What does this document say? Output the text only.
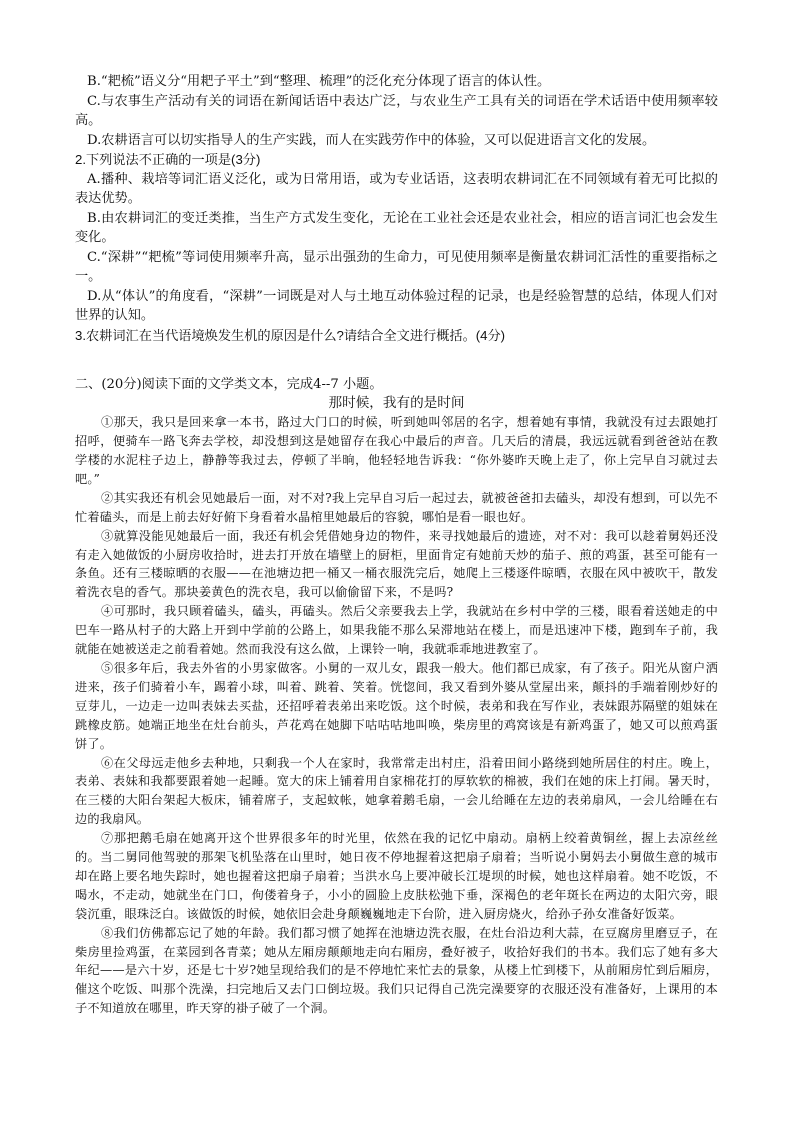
B.“耙梳”语义分“用耙子平土”到“整理、梳理”的泛化充分体现了语言的体认性。

C.与农事生产活动有关的词语在新闻话语中表达广泛，与农业生产工具有关的词语在学术话语中使用频率较高。

D.农耕语言可以切实指导人的生产实践，而人在实践劳作中的体验，又可以促进语言文化的发展。

2.下列说法不正确的一项是(3分)

A.播种、栽培等词汇语义泛化，或为日常用语，或为专业话语，这表明农耕词汇在不同领域有着无可比拟的表达优势。

B.由农耕词汇的变迁类推，当生产方式发生变化，无论在工业社会还是农业社会，相应的语言词汇也会发生变化。

C.“深耕”“耙梳”等词使用频率升高，显示出强劲的生命力，可见使用频率是衡量农耕词汇活性的重要指标之一。

D.从“体认”的角度看，“深耕”一词既是对人与土地互动体验过程的记录，也是经验智慧的总结，体现人们对世界的认知。

3.农耕词汇在当代语境焕发生机的原因是什么?请结合全文进行概括。(4分)

二、(20分)阅读下面的文学类文本，完成4--7 小题。

那时候，我有的是时间

①那天，我只是回来拿一本书，路过大门口的时候，听到她叫邻居的名字，想着她有事情，我就没有过去跟她打招呼，便骑车一路飞奔去学校，却没想到这是她留存在我心中最后的声音。几天后的清晨，我远远就看到爸爸站在教学楼的水泥柱子边上，静静等我过去，停顿了半晌，他轻轻地告诉我：“你外婆昨天晚上走了，你上完早自习就过去吧。”

②其实我还有机会见她最后一面，对不对?我上完早自习后一起过去，就被爸爸扣去磕头，却没有想到，可以先不忙着磕头，而是上前去好好俯下身看着水晶棺里她最后的容貌，哪怕是看一眼也好。

③就算没能见她最后一面，我还有机会凭借她身边的物件，来寻找她最后的遗迹，对不对：我可以趁着舅妈还没有走入她做饭的小厨房收拾时，进去打开放在墙壁上的厨柜，里面肯定有她前天炒的茄子、煎的鸡蛋，甚至可能有一条鱼。还有三楼晾晒的衣服——在池塘边把一桶又一桶衣服洗完后，她爬上三楼逐件晾晒，衣服在风中被吹干，散发着洗衣皂的香气。那块姜黄色的洗衣皂，我可以偷偷留下来，不是吗?

④可那时，我只顾着磕头，磕头，再磕头。然后父亲要我去上学，我就站在乡村中学的三楼，眼看着送她走的中巴车一路从村子的大路上开到中学前的公路上，如果我能不那么呆滞地站在楼上，而是迅速冲下楼，跑到车子前，我就能在她被送走之前看着她。然而我没有这么做，上课铃一响，我就乖乖地进教室了。

⑤很多年后，我去外省的小男家做客。小舅的一双儿女，跟我一般大。他们都已成家，有了孩子。阳光从窗户洒进来，孩子们骑着小车，踢着小球，叫着、跳着、笑着。恍惚间，我又看到外婆从堂屋出来，颠抖的手端着刚炒好的豆芽儿，一边走一边叫表妹去买盐，还招呼着表弟出来吃饭。这个时候，表弟和我在写作业，表妹跟苏隔壁的姐妹在跳橡皮筋。她端正地坐在灶台前头，芦花鸡在她脚下咕咕咕地叫唤，柴房里的鸡窝该是有新鸡蛋了，她又可以煎鸡蛋饼了。

⑥在父母远走他乡去种地，只剩我一个人在家时，我常常走出村庄，沿着田间小路绕到她所居住的村庄。晚上，表弟、表妹和我都要跟着她一起睡。宽大的床上铺着用自家棉花打的厚软软的棉被，我们在她的床上打闹。暑天时，在三楼的大阳台架起大板床，铺着席子，支起蚊帐，她拿着鹅毛扇，一会儿给睡在左边的表弟扇风，一会儿给睡在右边的我扇风。

⑦那把鹅毛扇在她离开这个世界很多年的时光里，依然在我的记忆中扇动。扇柄上绞着黄铜丝，握上去凉丝丝的。当二舅同他驾驶的那架飞机坠落在山里时，她日夜不停地握着这把扇子扇着；当听说小舅妈去小舅做生意的城市却在路上要名地失踪时，她也握着这把扇子扇着；当洪水乌上要冲破长江堤坝的时候，她也这样扇着。她不吃饭，不喝水，不走动，她就坐在门口，佝偻着身子，小小的圆脸上皮肤松弛下垂，深褐色的老年斑长在两边的太阳穴旁，眼袋沉重，眼珠泛白。该做饭的时候，她依旧会赴身颠巍巍地走下台阶，进入厨房烧火，给孙子孙女准备好饭菜。

⑧我们仿佛都忘记了她的年龄。我们都习惯了她挥在池塘边洗衣服，在灶台沿边利大蒜，在豆腐房里磨豆子，在柴房里捡鸡蛋，在菜园到各青菜；她从左厢房颠颠地走向右厢房，叠好被子，收拾好我们的书本。我们忘了她有多大年纪——是六十岁，还是七十岁?她呈现给我们的是不停地忙来忙去的景象，从楼上忙到楼下，从前厢房忙到后厢房，催这个吃饭、叫那个洗澡，扫完地后又去门口倒垃圾。我们只记得自己洗完澡要穿的衣服还没有准备好，上课用的本子不知道放在哪里，昨天穿的褂子破了一个洞。
